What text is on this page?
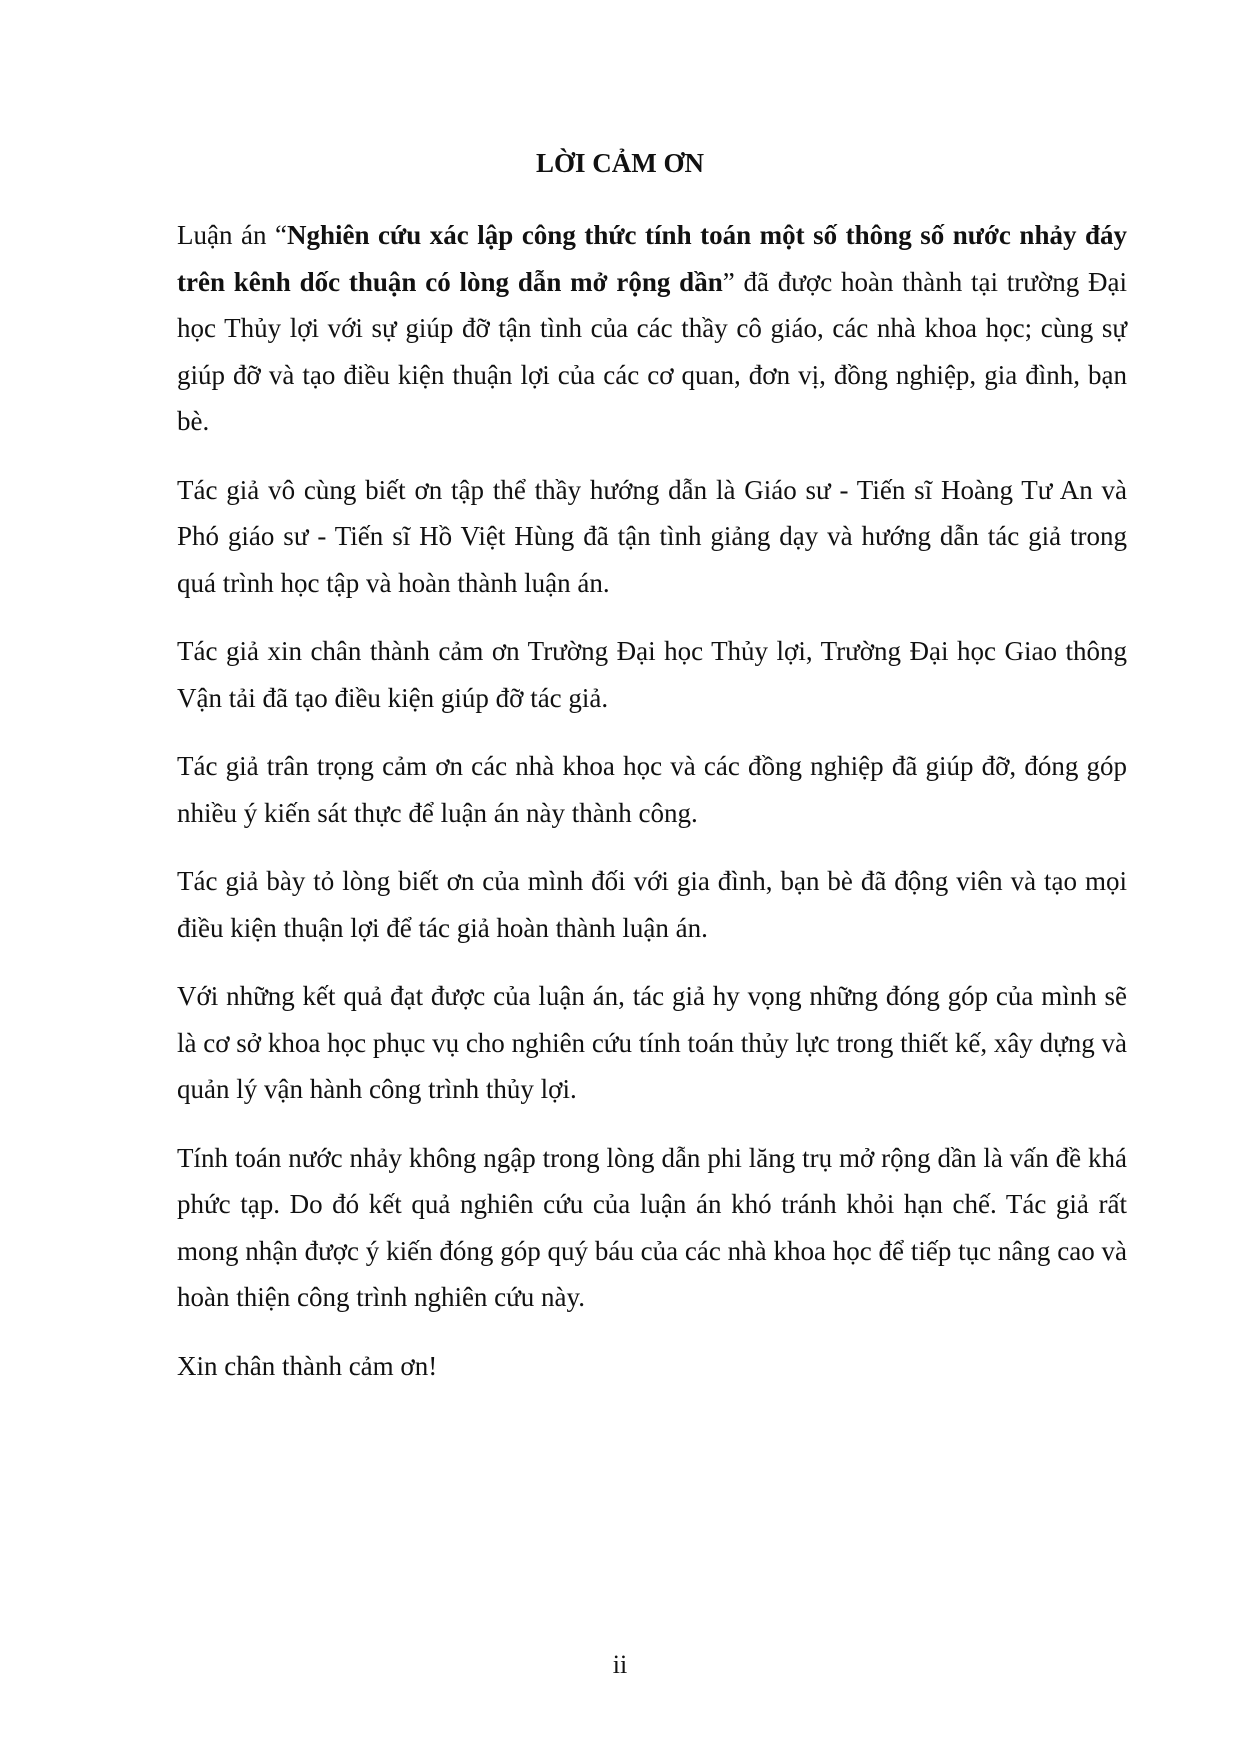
LỜI CẢM ƠN

Luận án “Nghiên cứu xác lập công thức tính toán một số thông số nước nhảy đáy trên kênh dốc thuận có lòng dẫn mở rộng dần” đã được hoàn thành tại trường Đại học Thủy lợi với sự giúp đỡ tận tình của các thầy cô giáo, các nhà khoa học; cùng sự giúp đỡ và tạo điều kiện thuận lợi của các cơ quan, đơn vị, đồng nghiệp, gia đình, bạn bè.

Tác giả vô cùng biết ơn tập thể thầy hướng dẫn là Giáo sư - Tiến sĩ Hoàng Tư An và Phó giáo sư - Tiến sĩ Hồ Việt Hùng đã tận tình giảng dạy và hướng dẫn tác giả trong quá trình học tập và hoàn thành luận án.

Tác giả xin chân thành cảm ơn Trường Đại học Thủy lợi, Trường Đại học Giao thông Vận tải đã tạo điều kiện giúp đỡ tác giả.

Tác giả trân trọng cảm ơn các nhà khoa học và các đồng nghiệp đã giúp đỡ, đóng góp nhiều ý kiến sát thực để luận án này thành công.

Tác giả bày tỏ lòng biết ơn của mình đối với gia đình, bạn bè đã động viên và tạo mọi điều kiện thuận lợi để tác giả hoàn thành luận án.

Với những kết quả đạt được của luận án, tác giả hy vọng những đóng góp của mình sẽ là cơ sở khoa học phục vụ cho nghiên cứu tính toán thủy lực trong thiết kế, xây dựng và quản lý vận hành công trình thủy lợi.

Tính toán nước nhảy không ngập trong lòng dẫn phi lăng trụ mở rộng dần là vấn đề khá phức tạp. Do đó kết quả nghiên cứu của luận án khó tránh khỏi hạn chế. Tác giả rất mong nhận được ý kiến đóng góp quý báu của các nhà khoa học để tiếp tục nâng cao và hoàn thiện công trình nghiên cứu này.

Xin chân thành cảm ơn!

ii
